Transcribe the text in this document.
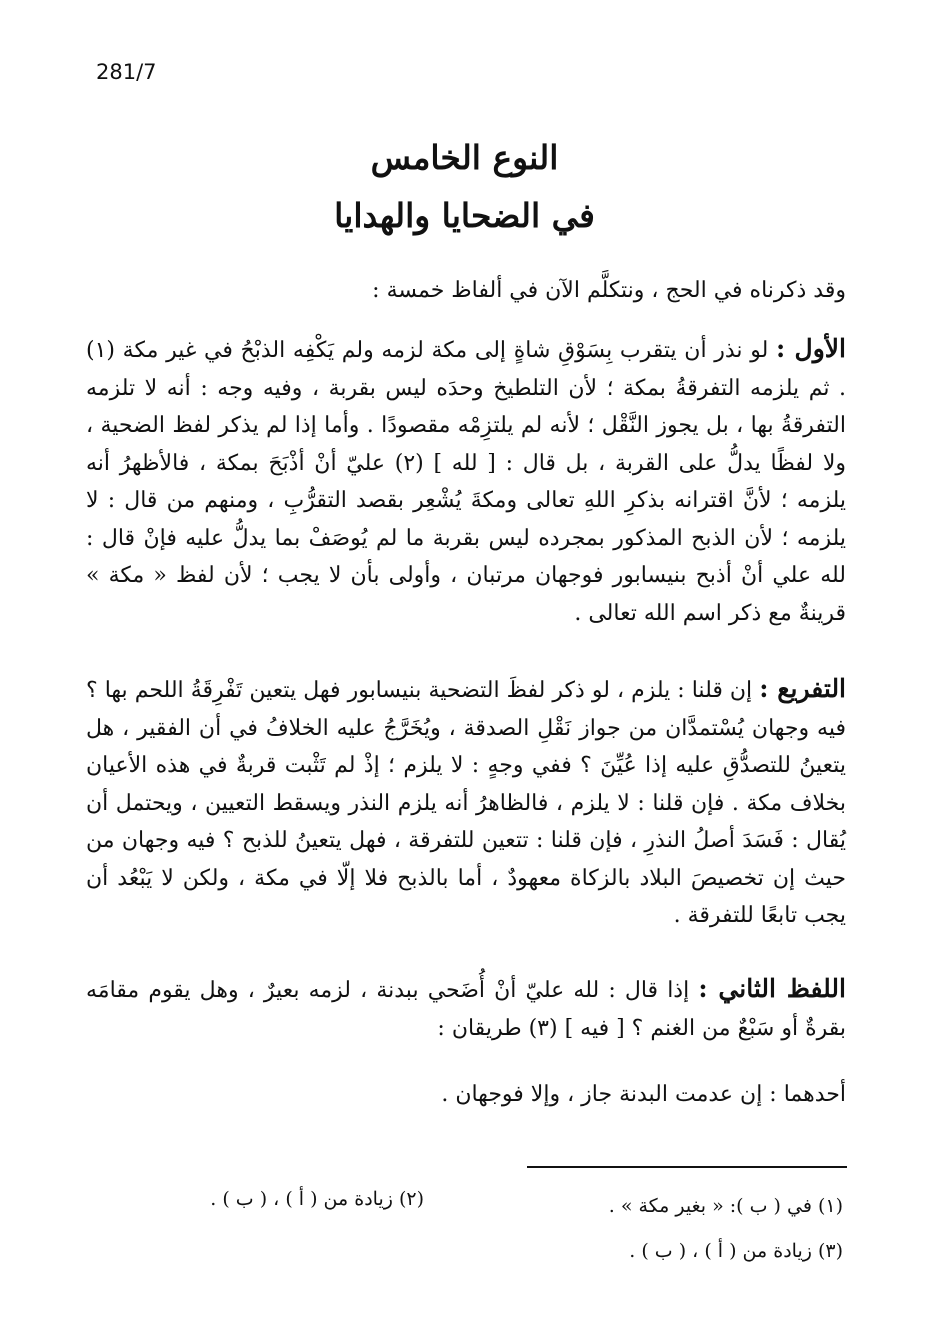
281/7
النوع الخامس
في الضحايا والهدايا
وقد ذكرناه في الحج ، ونتكلَّم الآن في ألفاظ خمسة :
الأول : لو نذر أن يتقرب بِسَوْقِ شاةٍ إلى مكة لزمه ولم يَكْفِه الذبْحُ في غير مكة (١) . ثم يلزمه التفرقةُ بمكة ؛ لأن التلطيخ وحدَه ليس بقربة ، وفيه وجه : أنه لا تلزمه التفرقةُ بها ، بل يجوز النَّقْل ؛ لأنه لم يلتزِمْه مقصودًا . وأما إذا لم يذكر لفظ الضحية ، ولا لفظًا يدلُّ على القربة ، بل قال : [ لله ] (٢) عليّ أنْ أذْبَحَ بمكة ، فالأظهرُ أنه يلزمه ؛ لأنَّ اقترانه بذكرِ اللهِ تعالى ومكةَ يُشْعِر بقصد التقرُّبِ ، ومنهم من قال : لا يلزمه ؛ لأن الذبح المذكور بمجرده ليس بقربة ما لم يُوصَفْ بما يدلُّ عليه فإنْ قال : لله علي أنْ أذبح بنيسابور فوجهان مرتبان ، وأولى بأن لا يجب ؛ لأن لفظ « مكة » قرينةٌ مع ذكر اسم الله تعالى .
التفريع : إن قلنا : يلزم ، لو ذكر لفظَ التضحية بنيسابور فهل يتعين تَفْرِقَةُ اللحم بها ؟ فيه وجهان يُسْتمدَّان من جواز نَقْلِ الصدقة ، ويُخَرَّجُ عليه الخلافُ في أن الفقير ، هل يتعينُ للتصدُّقِ عليه إذا عُيِّنَ ؟ ففي وجهٍ : لا يلزم ؛ إذْ لم تَثْبت قربةٌ في هذه الأعيان بخلاف مكة . فإن قلنا : لا يلزم ، فالظاهرُ أنه يلزم النذر ويسقط التعيين ، ويحتمل أن يُقال : فَسَدَ أصلُ النذرِ ، فإن قلنا : تتعين للتفرقة ، فهل يتعينُ للذبح ؟ فيه وجهان من حيث إن تخصيصَ البلاد بالزكاة معهودٌ ، أما بالذبح فلا إلّا في مكة ، ولكن لا يَبْعُد أن يجب تابعًا للتفرقة .
اللفظ الثاني : إذا قال : لله عليّ أنْ أُضَحي ببدنة ، لزمه بعيرٌ ، وهل يقوم مقامَه بقرةٌ أو سَبْعٌ من الغنم ؟ [ فيه ] (٣) طريقان :
أحدهما : إن عدمت البدنة جاز ، وإلا فوجهان .
(١) في ( ب ): « بغير مكة » .
(٢) زيادة من ( أ ) ، ( ب ) .
(٣) زيادة من ( أ ) ، ( ب ) .
